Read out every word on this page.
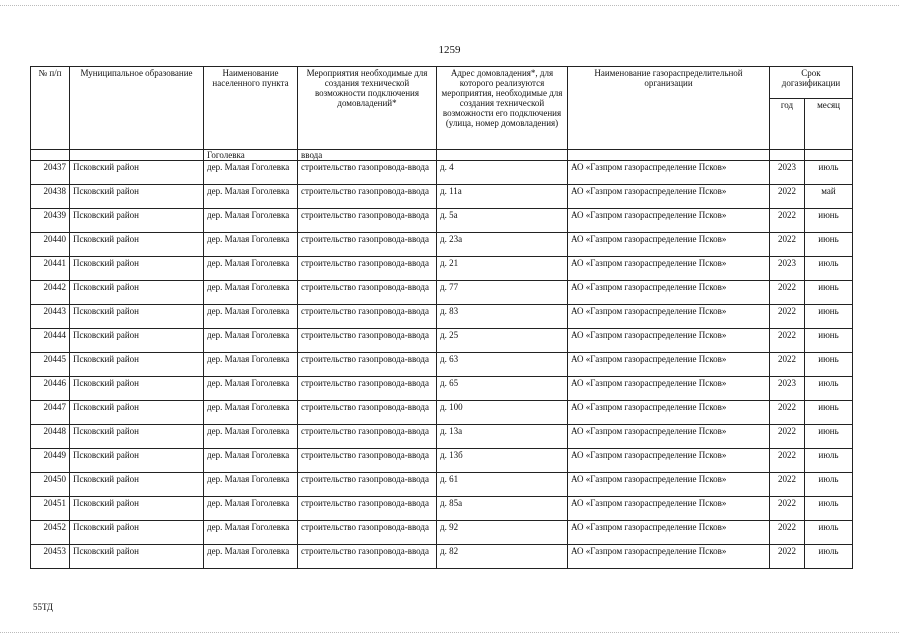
1259
№ п/п	Муниципальное образование	Наименование населенного пункта	Мероприятия необходимые для создания технической возможности подключения домовладений*	Адрес домовладения*, для которого реализуются мероприятия, необходимые для создания технической возможности его подключения (улица, номер домовладения)	Наименование газораспределительной организации	Срок догазификации	
						год	месяц
		Гоголевка	ввода				
20437	Псковский район	дер. Малая Гоголевка	строительство газопровода-ввода	д. 4	АО «Газпром газораспределение Псков»	2023	июль
20438	Псковский район	дер. Малая Гоголевка	строительство газопровода-ввода	д. 11а	АО «Газпром газораспределение Псков»	2022	май
20439	Псковский район	дер. Малая Гоголевка	строительство газопровода-ввода	д. 5а	АО «Газпром газораспределение Псков»	2022	июнь
20440	Псковский район	дер. Малая Гоголевка	строительство газопровода-ввода	д. 23а	АО «Газпром газораспределение Псков»	2022	июнь
20441	Псковский район	дер. Малая Гоголевка	строительство газопровода-ввода	д. 21	АО «Газпром газораспределение Псков»	2023	июль
20442	Псковский район	дер. Малая Гоголевка	строительство газопровода-ввода	д. 77	АО «Газпром газораспределение Псков»	2022	июнь
20443	Псковский район	дер. Малая Гоголевка	строительство газопровода-ввода	д. 83	АО «Газпром газораспределение Псков»	2022	июнь
20444	Псковский район	дер. Малая Гоголевка	строительство газопровода-ввода	д. 25	АО «Газпром газораспределение Псков»	2022	июнь
20445	Псковский район	дер. Малая Гоголевка	строительство газопровода-ввода	д. 63	АО «Газпром газораспределение Псков»	2022	июнь
20446	Псковский район	дер. Малая Гоголевка	строительство газопровода-ввода	д. 65	АО «Газпром газораспределение Псков»	2023	июль
20447	Псковский район	дер. Малая Гоголевка	строительство газопровода-ввода	д. 100	АО «Газпром газораспределение Псков»	2022	июнь
20448	Псковский район	дер. Малая Гоголевка	строительство газопровода-ввода	д. 13а	АО «Газпром газораспределение Псков»	2022	июнь
20449	Псковский район	дер. Малая Гоголевка	строительство газопровода-ввода	д. 13б	АО «Газпром газораспределение Псков»	2022	июль
20450	Псковский район	дер. Малая Гоголевка	строительство газопровода-ввода	д. 61	АО «Газпром газораспределение Псков»	2022	июль
20451	Псковский район	дер. Малая Гоголевка	строительство газопровода-ввода	д. 85а	АО «Газпром газораспределение Псков»	2022	июль
20452	Псковский район	дер. Малая Гоголевка	строительство газопровода-ввода	д. 92	АО «Газпром газораспределение Псков»	2022	июль
20453	Псковский район	дер. Малая Гоголевка	строительство газопровода-ввода	д. 82	АО «Газпром газораспределение Псков»	2022	июль
55ТД
